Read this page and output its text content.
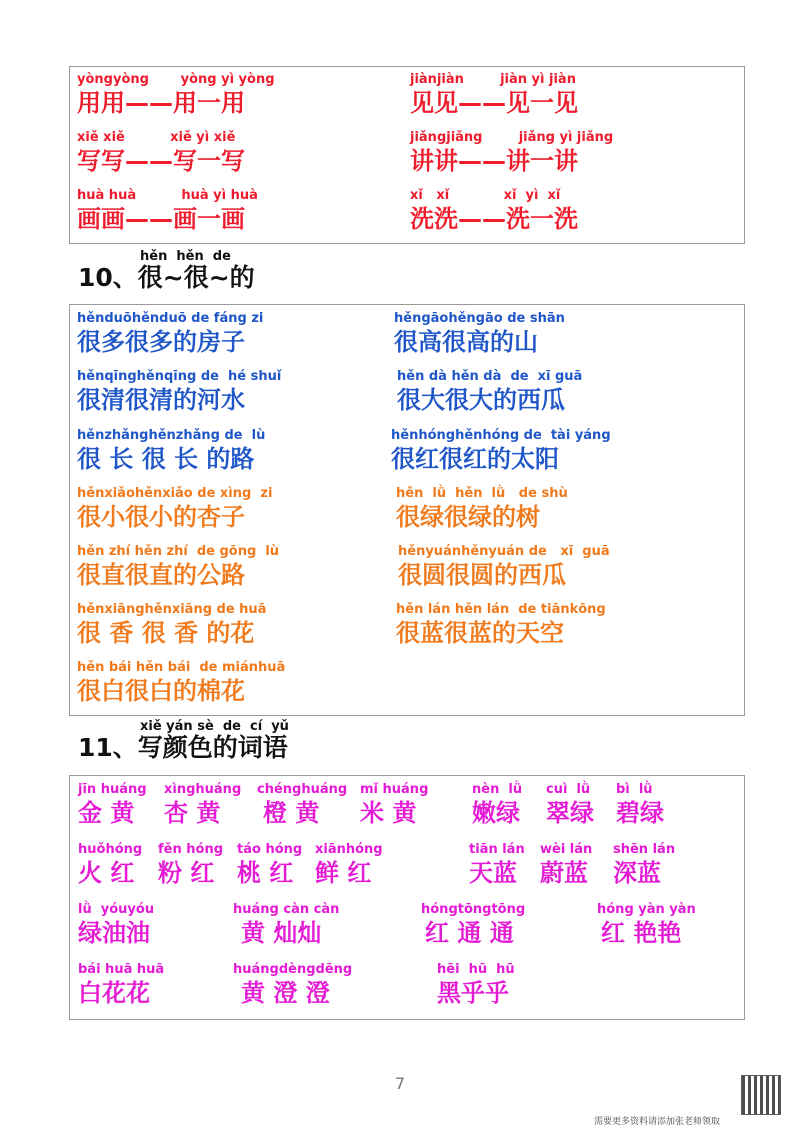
yòngyòng       yòng yì yòng
用用——用一用
jiànjiàn        jiàn yì jiàn
见见——见一见
xiě xiě          xiě yì xiě
写写——写一写
jiǎngjiǎng        jiǎng yì jiǎng
讲讲——讲一讲
huà huà          huà yì huà
画画——画一画
xǐ   xǐ            xǐ  yì  xǐ
洗洗——洗一洗
hěn  hěn  de
10、很~很~的
hěnduōhěnduō de fáng zi
很多很多的房子
hěngāohěngāo de shān
很高很高的山
hěnqīnghěnqīng de  hé shuǐ
很清很清的河水
hěn dà hěn dà  de  xī guā
很大很大的西瓜
hěnzhǎnghěnzhǎng de  lù
很 长 很 长 的路
hěnhónghěnhóng de  tài yáng
很红很红的太阳
hěnxiǎohěnxiǎo de xìng  zi
很小很小的杏子
hěn  lǜ  hěn  lǜ   de shù
很绿很绿的树
hěn zhí hěn zhí  de gōng  lù
很直很直的公路
hěnyuánhěnyuán de   xī  guā
很圆很圆的西瓜
hěnxiānghěnxiāng de huā
很 香 很 香 的花
hěn lán hěn lán  de tiānkōng
很蓝很蓝的天空
hěn bái hěn bái  de miánhuā
很白很白的棉花
xiě yán sè  de  cí  yǔ
11、写颜色的词语
jīn huáng
金 黄
xìnghuáng
杏 黄
chénghuáng
橙 黄
mǐ huáng
米 黄
nèn  lǜ
嫩绿
cuì  lǜ
翠绿
bì  lǜ
碧绿
huǒhóng
火 红
fěn hóng
粉 红
táo hóng
桃 红
xiānhóng
鲜 红
tiān lán
天蓝
wèi lán
蔚蓝
shēn lán
深蓝
lǜ  yóuyóu
绿油油
huáng càn càn
黄 灿灿
hóngtōngtōng
红 通 通
hóng yàn yàn
红 艳艳
bái huā huā
白花花
huángdèngdēng
黄 澄 澄
hēi  hū  hū
黑乎乎
7
需要更多资料请添加张老师领取
